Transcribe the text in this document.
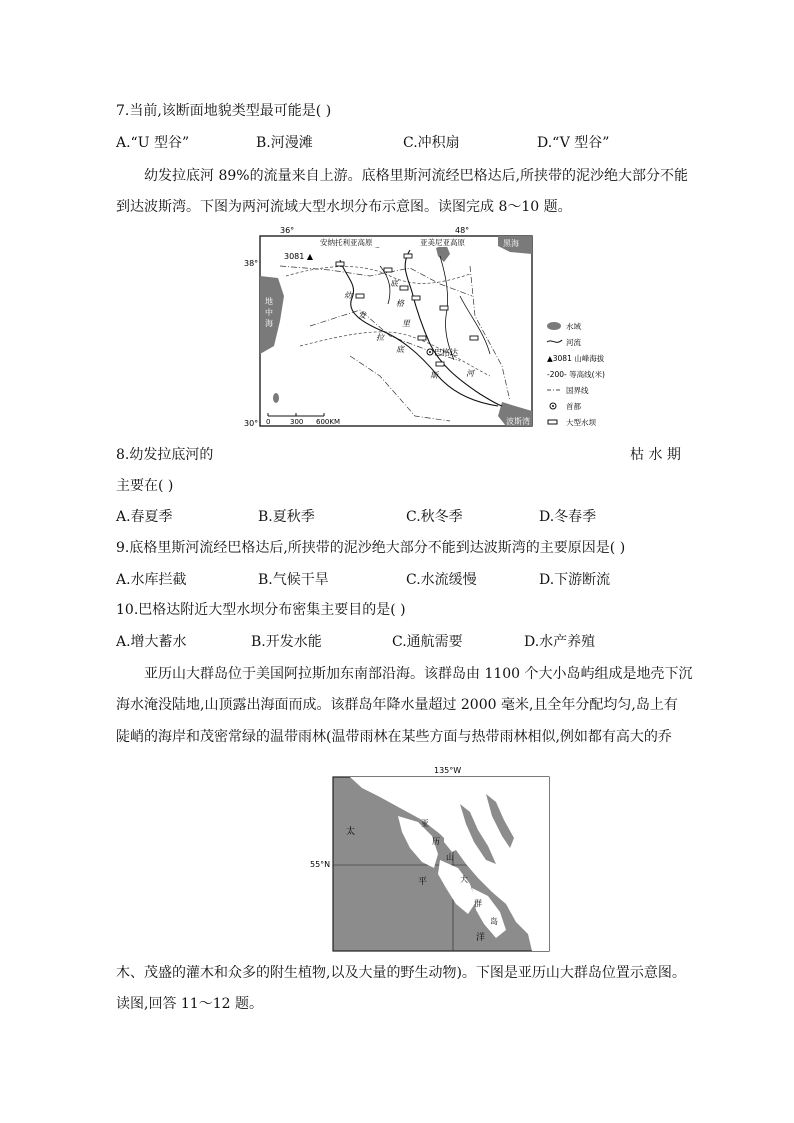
7.当前,该断面地貌类型最可能是( )
A.“U 型谷”	B.河漫滩	C.冲积扇	D.“V 型谷”
幼发拉底河 89%的流量来自上游。底格里斯河流经巴格达后,所挟带的泥沙绝大部分不能
到达波斯湾。下图为两河流域大型水坝分布示意图。读图完成 8～10 题。
36°	48°
38°
30°
黑海
地中海
波斯湾
安纳托利亚高原	亚美尼亚高原
3081 ▲
幼 发 拉 底
底 格 里 斯	河
巴格达
0	300 600KM
水域
河流
▲3081 山峰海拔
-200- 等高线(米)
国界线
首都
大型水坝
8.幼发拉底河的	枯 水 期
主要在( )
A.春夏季	B.夏秋季	C.秋冬季	D.冬春季
9.底格里斯河流经巴格达后,所挟带的泥沙绝大部分不能到达波斯湾的主要原因是( )
A.水库拦截	B.气候干旱	C.水流缓慢	D.下游断流
10.巴格达附近大型水坝分布密集主要目的是( )
A.增大蓄水	B.开发水能	C.通航需要	D.水产养殖
亚历山大群岛位于美国阿拉斯加东南部沿海。该群岛由 1100 个大小岛屿组成是地壳下沉
海水淹没陆地,山顶露出海面而成。该群岛年降水量超过 2000 毫米,且全年分配均匀,岛上有
陡峭的海岸和茂密常绿的温带雨林(温带雨林在某些方面与热带雨林相似,例如都有高大的乔
135°W
55°N
太
平
洋
亚 历 山 大 群 岛
木、茂盛的灌木和众多的附生植物,以及大量的野生动物)。下图是亚历山大群岛位置示意图。
读图,回答 11～12 题。
